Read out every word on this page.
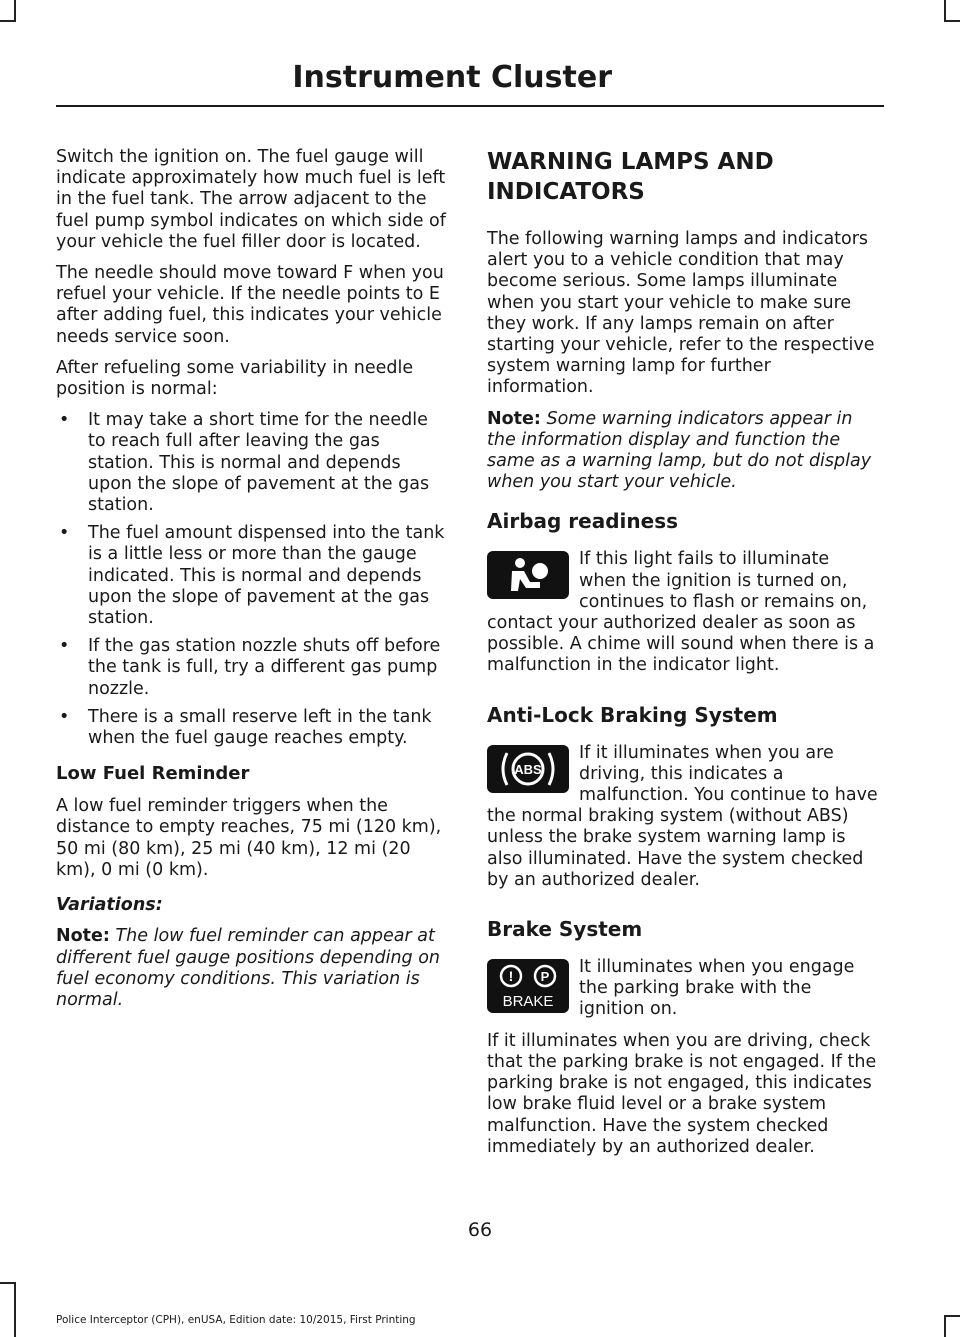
Instrument Cluster

Switch the ignition on. The fuel gauge will indicate approximately how much fuel is left in the fuel tank. The arrow adjacent to the fuel pump symbol indicates on which side of your vehicle the fuel filler door is located.

The needle should move toward F when you refuel your vehicle. If the needle points to E after adding fuel, this indicates your vehicle needs service soon.

After refueling some variability in needle position is normal:

• It may take a short time for the needle to reach full after leaving the gas station. This is normal and depends upon the slope of pavement at the gas station.
• The fuel amount dispensed into the tank is a little less or more than the gauge indicated. This is normal and depends upon the slope of pavement at the gas station.
• If the gas station nozzle shuts off before the tank is full, try a different gas pump nozzle.
• There is a small reserve left in the tank when the fuel gauge reaches empty.
Low Fuel Reminder

A low fuel reminder triggers when the distance to empty reaches, 75 mi (120 km), 50 mi (80 km), 25 mi (40 km), 12 mi (20 km), 0 mi (0 km).

Variations:

Note: The low fuel reminder can appear at different fuel gauge positions depending on fuel economy conditions. This variation is normal.

WARNING LAMPS AND
INDICATORS

The following warning lamps and indicators alert you to a vehicle condition that may become serious. Some lamps illuminate when you start your vehicle to make sure they work. If any lamps remain on after starting your vehicle, refer to the respective system warning lamp for further information.

Note: Some warning indicators appear in the information display and function the same as a warning lamp, but do not display when you start your vehicle.

Airbag readiness

If this light fails to illuminate when the ignition is turned on, continues to flash or remains on, contact your authorized dealer as soon as possible. A chime will sound when there is a malfunction in the indicator light.

Anti-Lock Braking System
ABS

If it illuminates when you are driving, this indicates a malfunction. You continue to have the normal braking system (without ABS) unless the brake system warning lamp is also illuminated. Have the system checked by an authorized dealer.

Brake System
! P
BRAKE

It illuminates when you engage the parking brake with the ignition on.

If it illuminates when you are driving, check that the parking brake is not engaged. If the parking brake is not engaged, this indicates low brake fluid level or a brake system malfunction. Have the system checked immediately by an authorized dealer.

66
Police Interceptor (CPH), enUSA, Edition date: 10/2015, First Printing
